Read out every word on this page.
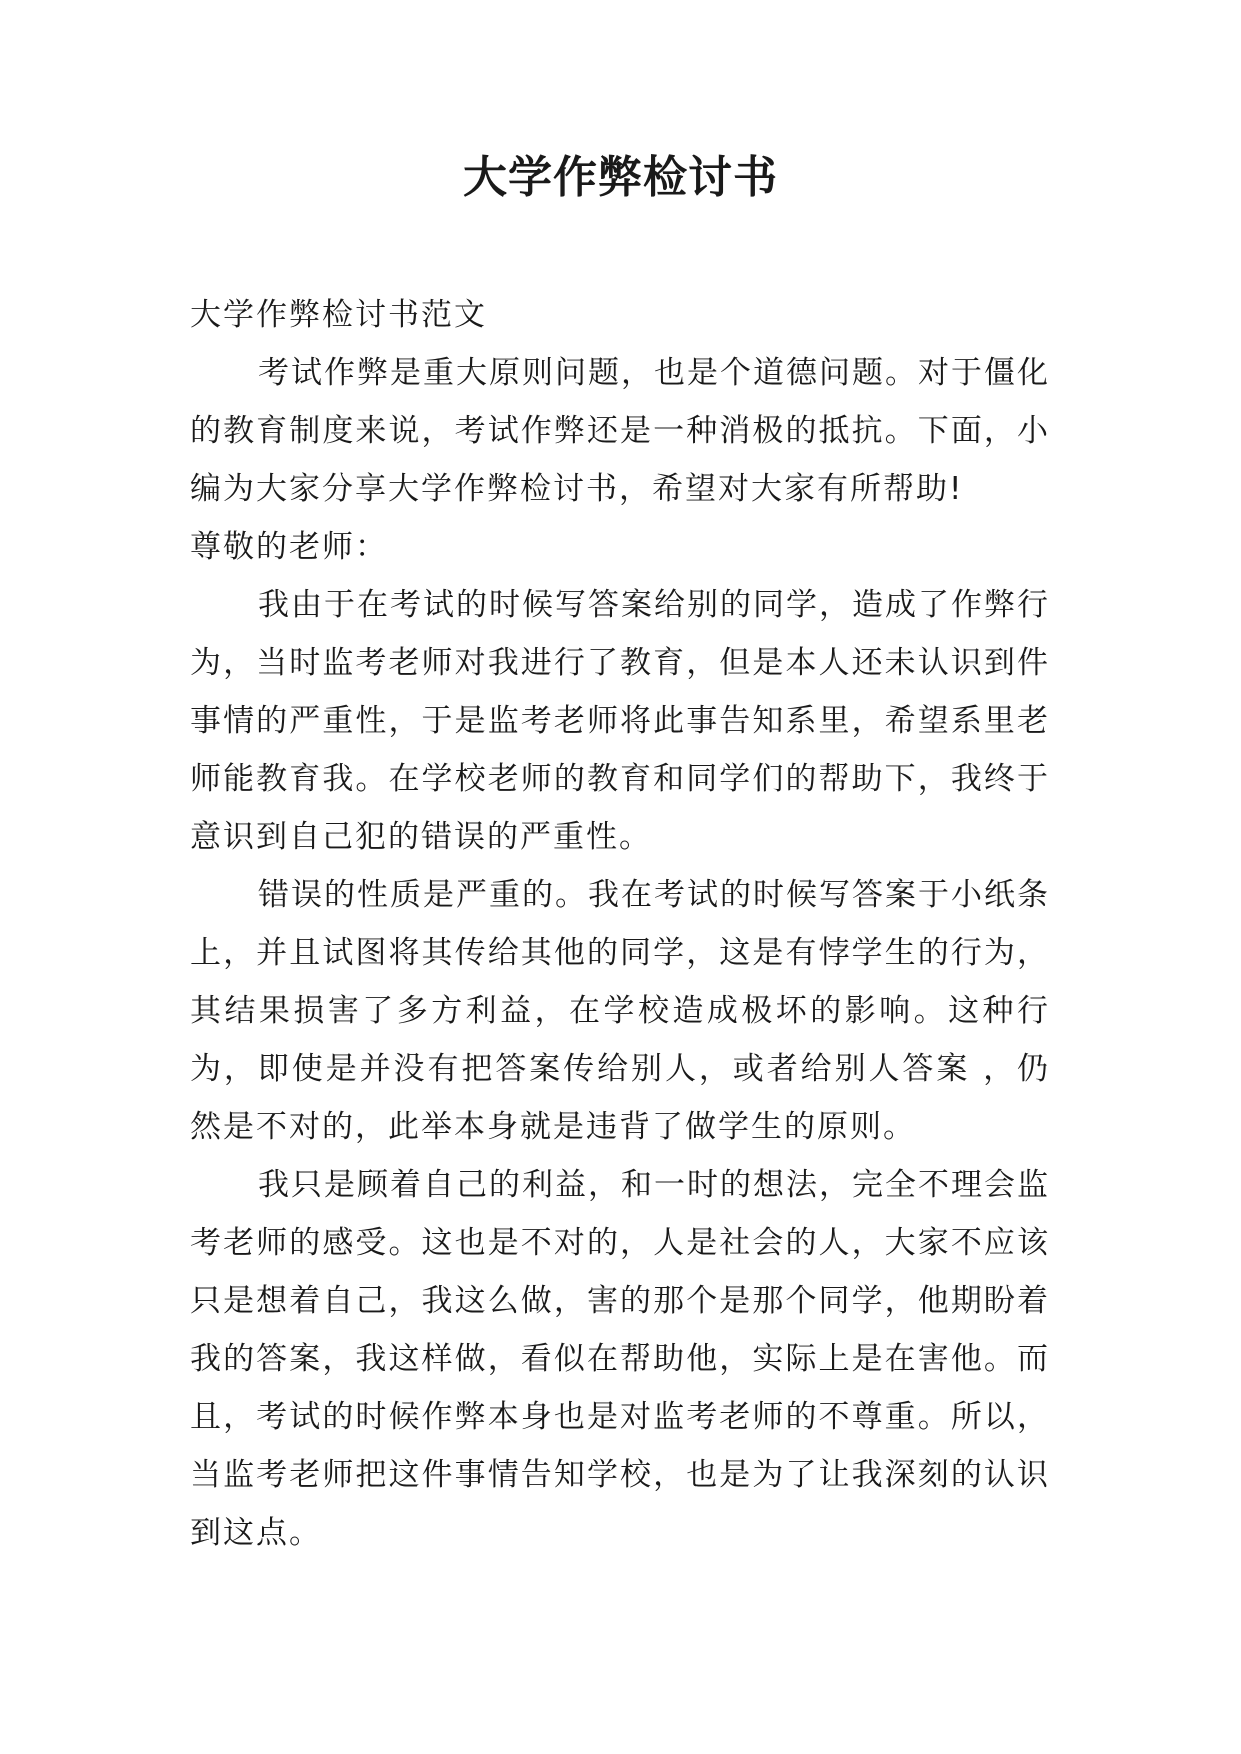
大学作弊检讨书

大学作弊检讨书范文

考试作弊是重大原则问题，也是个道德问题。对于僵化的教育制度来说，考试作弊还是一种消极的抵抗。下面，小编为大家分享大学作弊检讨书，希望对大家有所帮助!

尊敬的老师：

我由于在考试的时候写答案给别的同学，造成了作弊行为，当时监考老师对我进行了教育，但是本人还未认识到件事情的严重性，于是监考老师将此事告知系里，希望系里老师能教育我。在学校老师的教育和同学们的帮助下，我终于意识到自己犯的错误的严重性。

错误的性质是严重的。我在考试的时候写答案于小纸条上，并且试图将其传给其他的同学，这是有悖学生的行为，其结果损害了多方利益，在学校造成极坏的影响。这种行为，即使是并没有把答案传给别人，或者给别人答案 ，仍然是不对的，此举本身就是违背了做学生的原则。

我只是顾着自己的利益，和一时的想法，完全不理会监考老师的感受。这也是不对的，人是社会的人，大家不应该只是想着自己，我这么做，害的那个是那个同学，他期盼着我的答案，我这样做，看似在帮助他，实际上是在害他。而且，考试的时候作弊本身也是对监考老师的不尊重。所以，当监考老师把这件事情告知学校，也是为了让我深刻的认识到这点。
